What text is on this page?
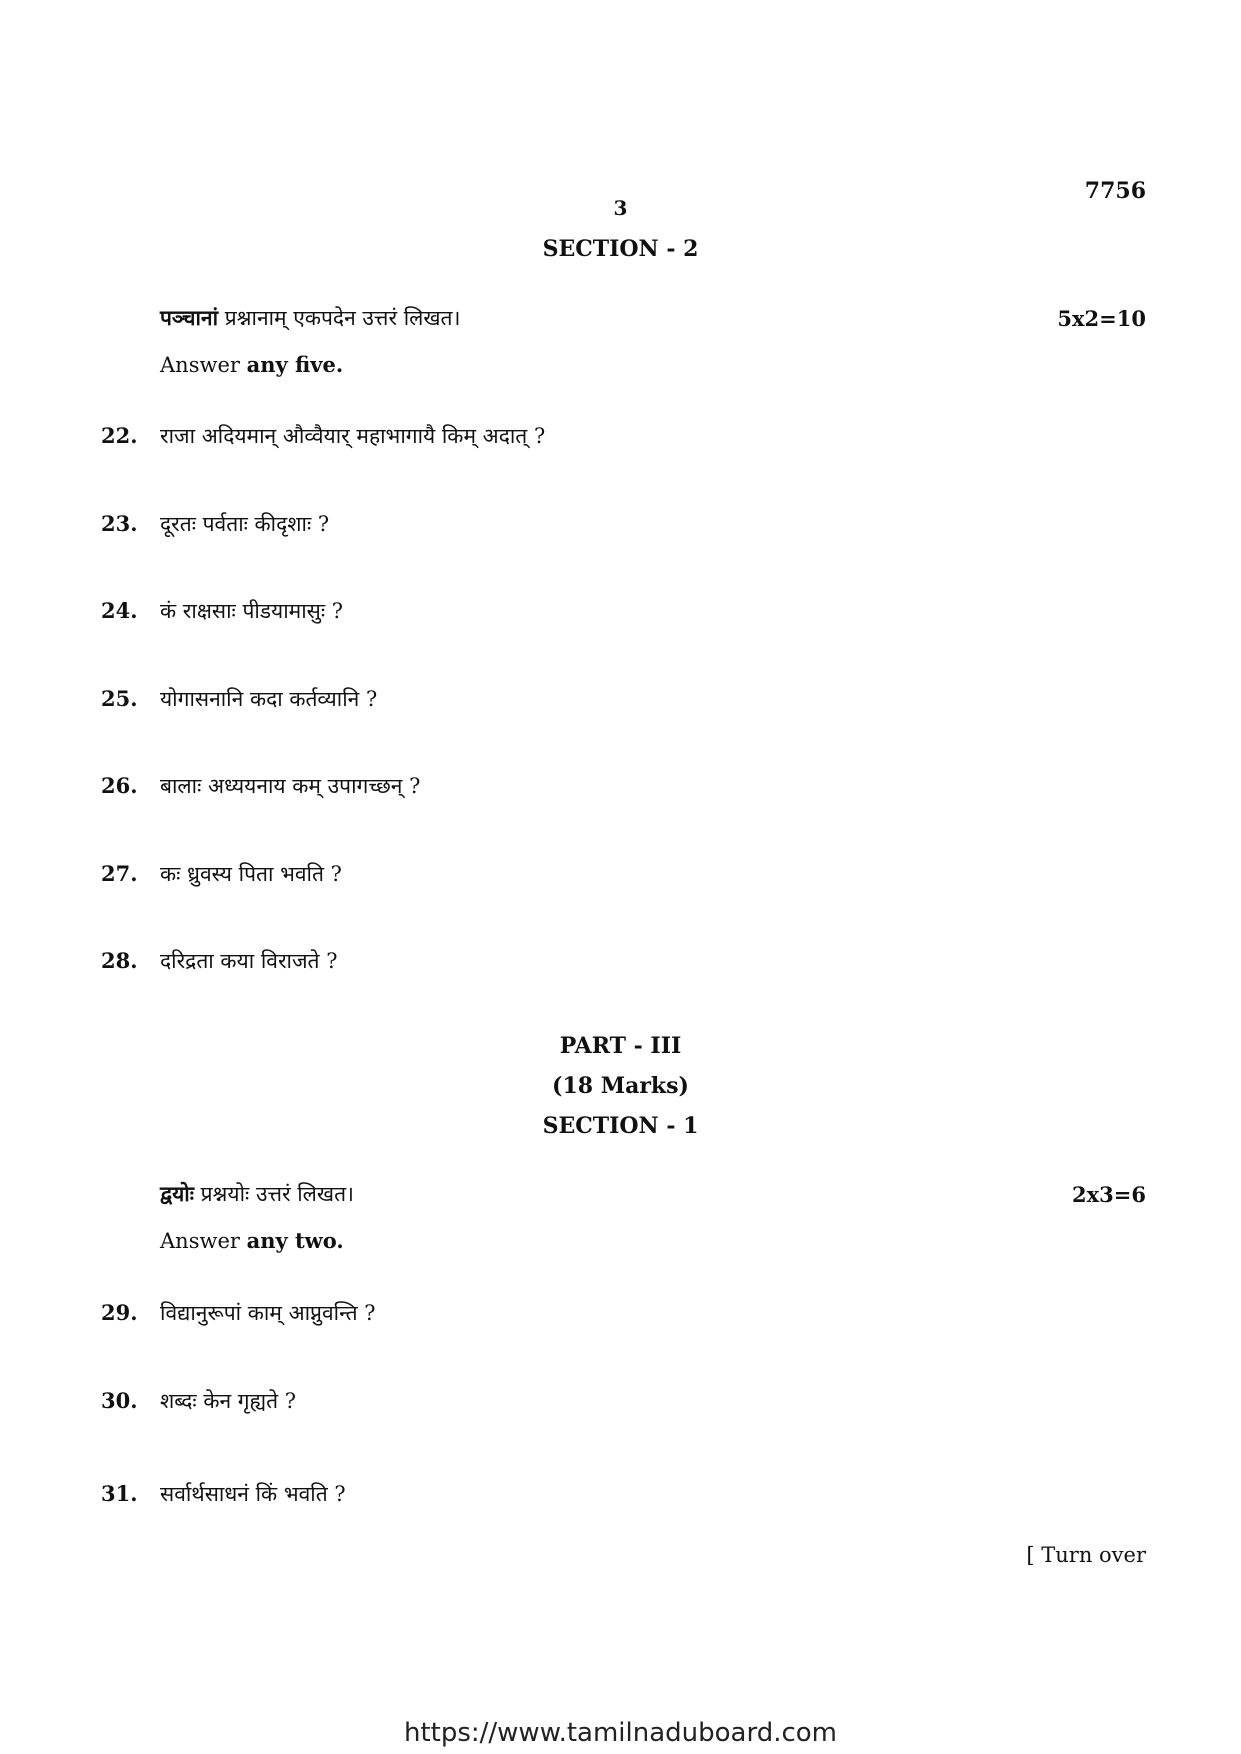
7756
3
SECTION - 2
पञ्चानां प्रश्नानाम् एकपदेन उत्तरं लिखत।	5x2=10
Answer any five.
22. राजा अदियमान् औव्वैयार् महाभागायै किम् अदात् ?
23. दूरतः पर्वताः कीदृशाः ?
24. कं राक्षसाः पीडयामासुः ?
25. योगासनानि कदा कर्तव्यानि ?
26. बालाः अध्ययनाय कम् उपागच्छन् ?
27. कः ध्रुवस्य पिता भवति ?
28. दरिद्रता कया विराजते ?
PART - III
(18 Marks)
SECTION - 1
द्वयोः प्रश्नयोः उत्तरं लिखत।	2x3=6
Answer any two.
29. विद्यानुरूपां काम् आप्नुवन्ति ?
30. शब्दः केन गृह्यते ?
31. सर्वार्थसाधनं किं भवति ?
[ Turn over
https://www.tamilnaduboard.com
